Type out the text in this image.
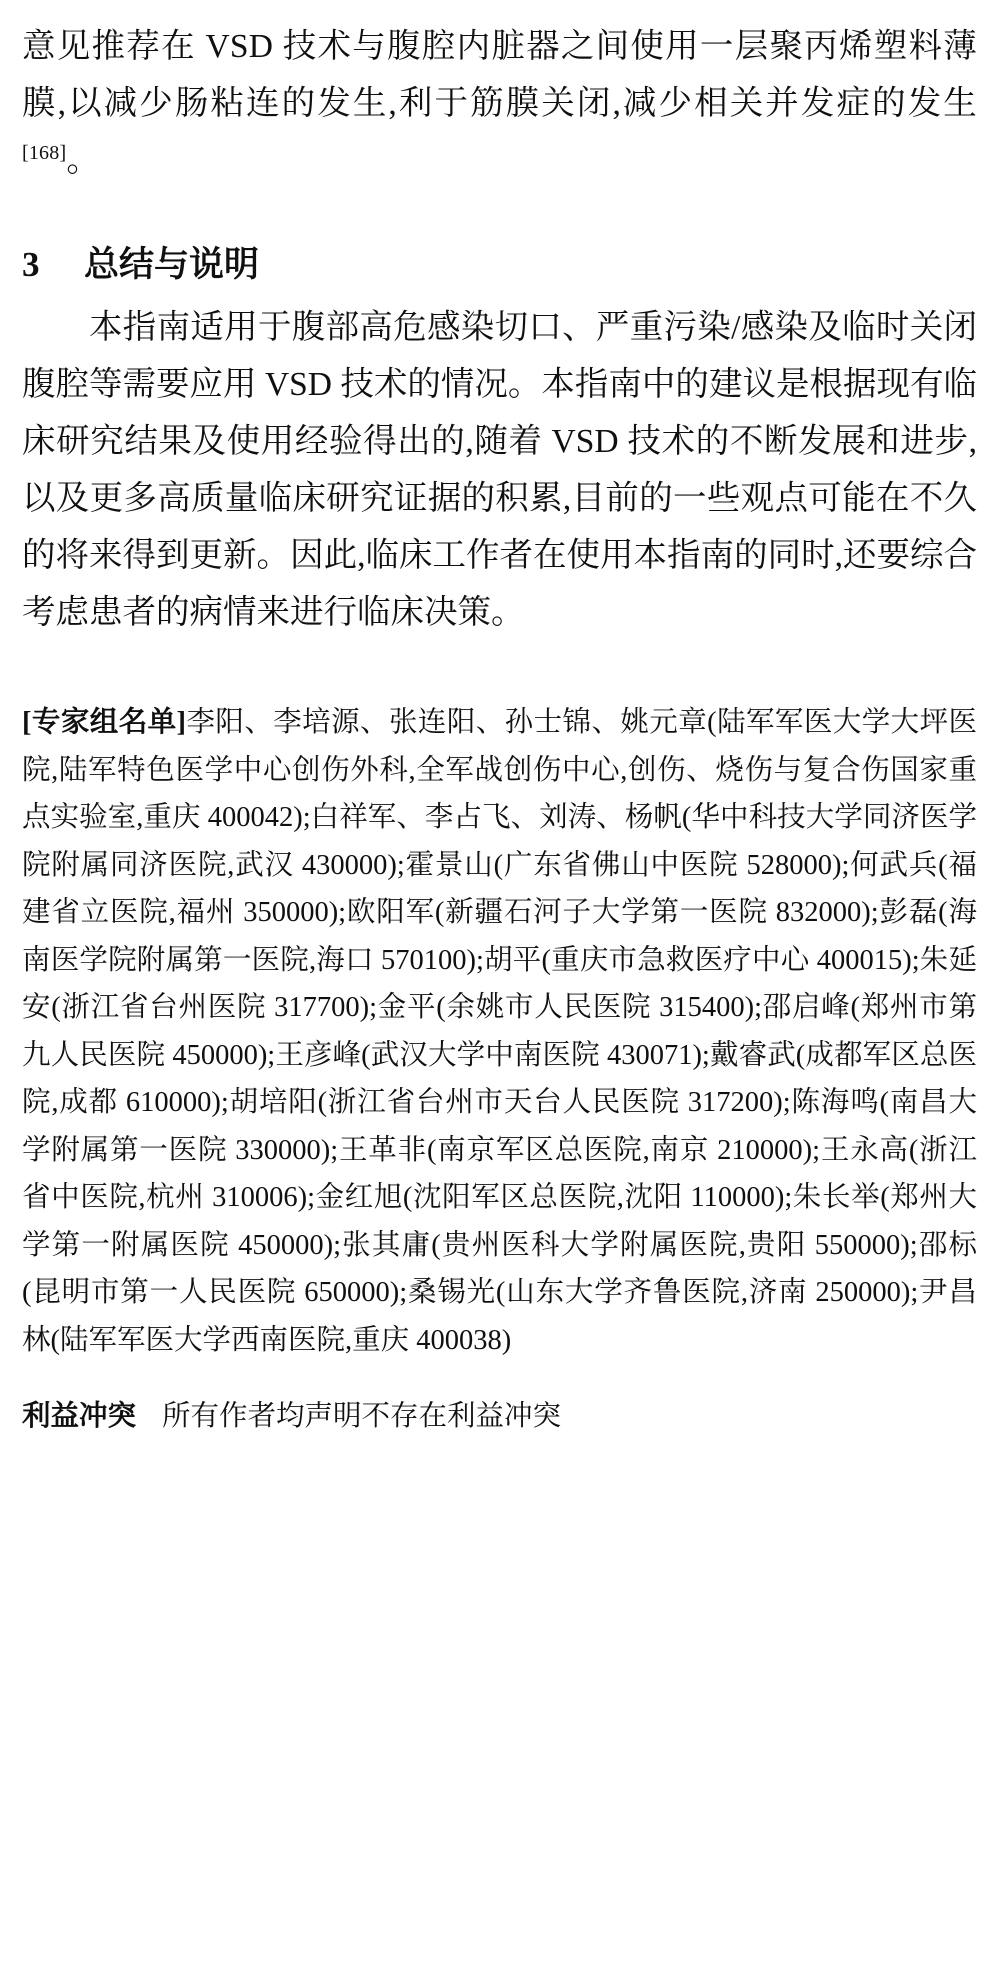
意见推荐在 VSD 技术与腹腔内脏器之间使用一层聚丙烯塑料薄膜,以减少肠粘连的发生,利于筋膜关闭,减少相关并发症的发生[168]。

3 总结与说明

本指南适用于腹部高危感染切口、严重污染/感染及临时关闭腹腔等需要应用 VSD 技术的情况。本指南中的建议是根据现有临床研究结果及使用经验得出的,随着 VSD 技术的不断发展和进步,以及更多高质量临床研究证据的积累,目前的一些观点可能在不久的将来得到更新。因此,临床工作者在使用本指南的同时,还要综合考虑患者的病情来进行临床决策。

[专家组名单]李阳、李培源、张连阳、孙士锦、姚元章(陆军军医大学大坪医院,陆军特色医学中心创伤外科,全军战创伤中心,创伤、烧伤与复合伤国家重点实验室,重庆 400042);白祥军、李占飞、刘涛、杨帆(华中科技大学同济医学院附属同济医院,武汉 430000);霍景山(广东省佛山中医院 528000);何武兵(福建省立医院,福州 350000);欧阳军(新疆石河子大学第一医院 832000);彭磊(海南医学院附属第一医院,海口 570100);胡平(重庆市急救医疗中心 400015);朱延安(浙江省台州医院 317700);金平(余姚市人民医院 315400);邵启峰(郑州市第九人民医院 450000);王彦峰(武汉大学中南医院 430071);戴睿武(成都军区总医院,成都 610000);胡培阳(浙江省台州市天台人民医院 317200);陈海鸣(南昌大学附属第一医院 330000);王革非(南京军区总医院,南京 210000);王永高(浙江省中医院,杭州 310006);金红旭(沈阳军区总医院,沈阳 110000);朱长举(郑州大学第一附属医院 450000);张其庸(贵州医科大学附属医院,贵阳 550000);邵标(昆明市第一人民医院 650000);桑锡光(山东大学齐鲁医院,济南 250000);尹昌林(陆军军医大学西南医院,重庆 400038)

利益冲突 所有作者均声明不存在利益冲突
